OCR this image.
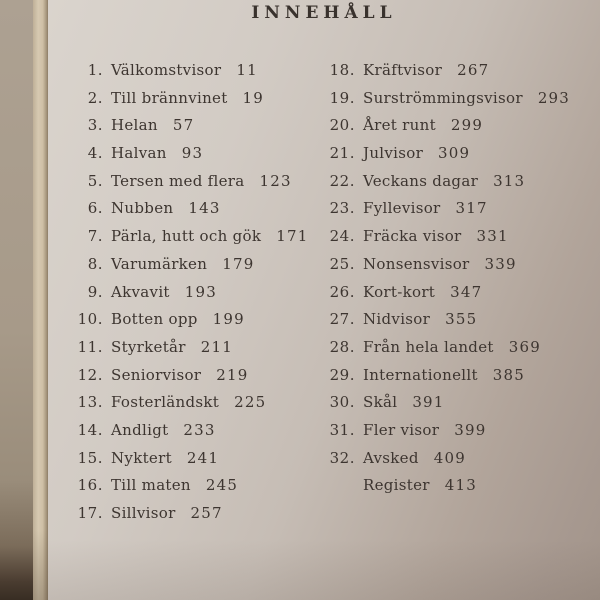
INNEHÅLL
1. Välkomstvisor 11
2. Till brännvinet 19
3. Helan 57
4. Halvan 93
5. Tersen med flera 123
6. Nubben 143
7. Pärla, hutt och gök 171
8. Varumärken 179
9. Akvavit 193
10. Botten opp 199
11. Styrketår 211
12. Seniorvisor 219
13. Fosterländskt 225
14. Andligt 233
15. Nyktert 241
16. Till maten 245
17. Sillvisor 257
18. Kräftvisor 267
19. Surströmmingsvisor 293
20. Året runt 299
21. Julvisor 309
22. Veckans dagar 313
23. Fyllevisor 317
24. Fräcka visor 331
25. Nonsensvisor 339
26. Kort-kort 347
27. Nidvisor 355
28. Från hela landet 369
29. Internationellt 385
30. Skål 391
31. Fler visor 399
32. Avsked 409
Register 413
